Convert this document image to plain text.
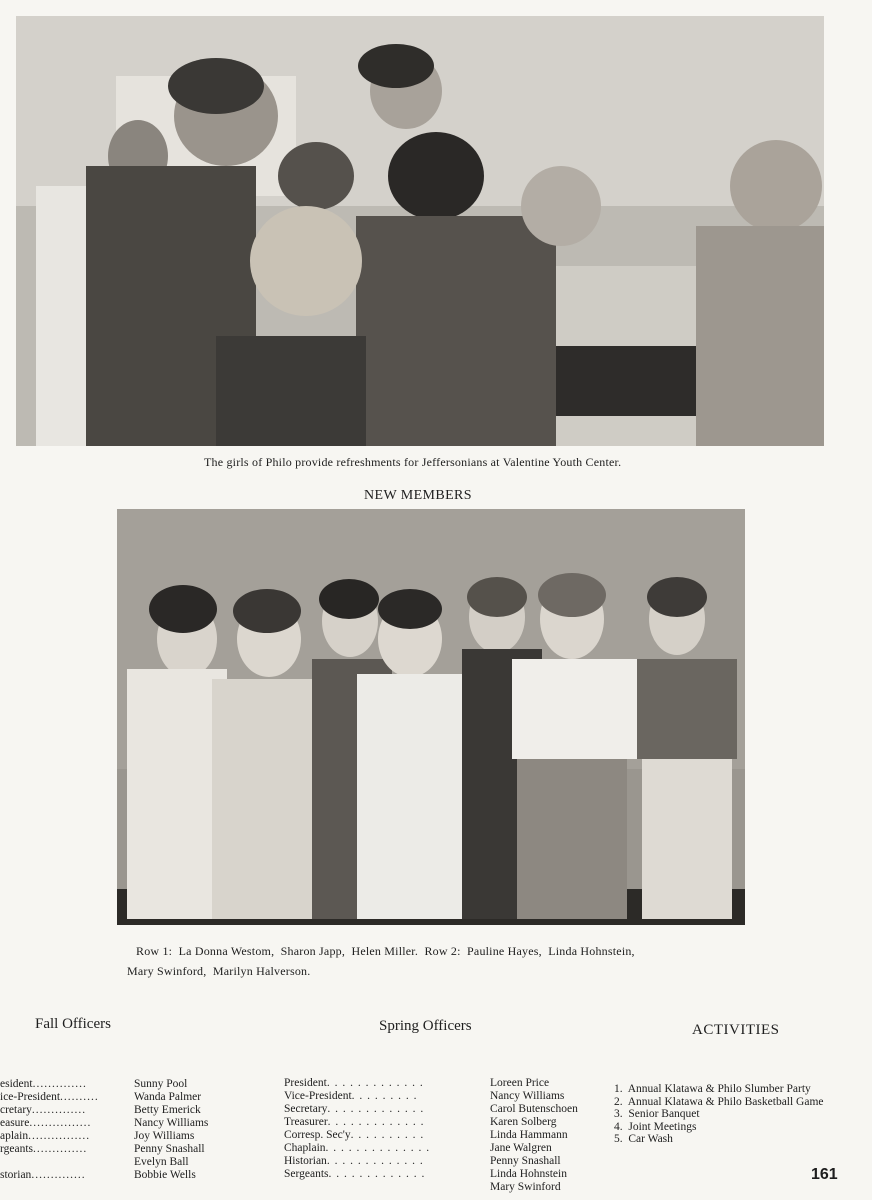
The girls of Philo provide refreshments for Jeffersonians at Valentine Youth Center.
NEW MEMBERS
Row 1:  La Donna Westom,  Sharon Japp,  Helen Miller.  Row 2:  Pauline Hayes,  Linda Hohnstein,
Mary Swinford,  Marilyn Halverson.
Fall Officers	Spring Officers	ACTIVITIES
esident ..............	Sunny Pool
ice-President ..........	Wanda Palmer
cretary ..............	Betty Emerick
easure ................	Nancy Williams
aplain ................	Joy Williams
rgeants ..............	Penny Snashall
Evelyn Ball
storian ..............	Bobbie Wells
President . . . . . . . . . . . . .	Loreen Price
Vice-President . . . . . . . . .	Nancy Williams
Secretary . . . . . . . . . . . . .	Carol Butenschoen
Treasurer . . . . . . . . . . . . .	Karen Solberg
Corresp. Sec'y . . . . . . . . . .	Linda Hammann
Chaplain . . . . . . . . . . . . . .	Jane Walgren
Historian . . . . . . . . . . . . .	Penny Snashall
Sergeants . . . . . . . . . . . . .	Linda Hohnstein
Mary Swinford
1.  Annual Klatawa & Philo Slumber Party
2.  Annual Klatawa & Philo Basketball Game
3.  Senior Banquet
4.  Joint Meetings
5.  Car Wash
161
